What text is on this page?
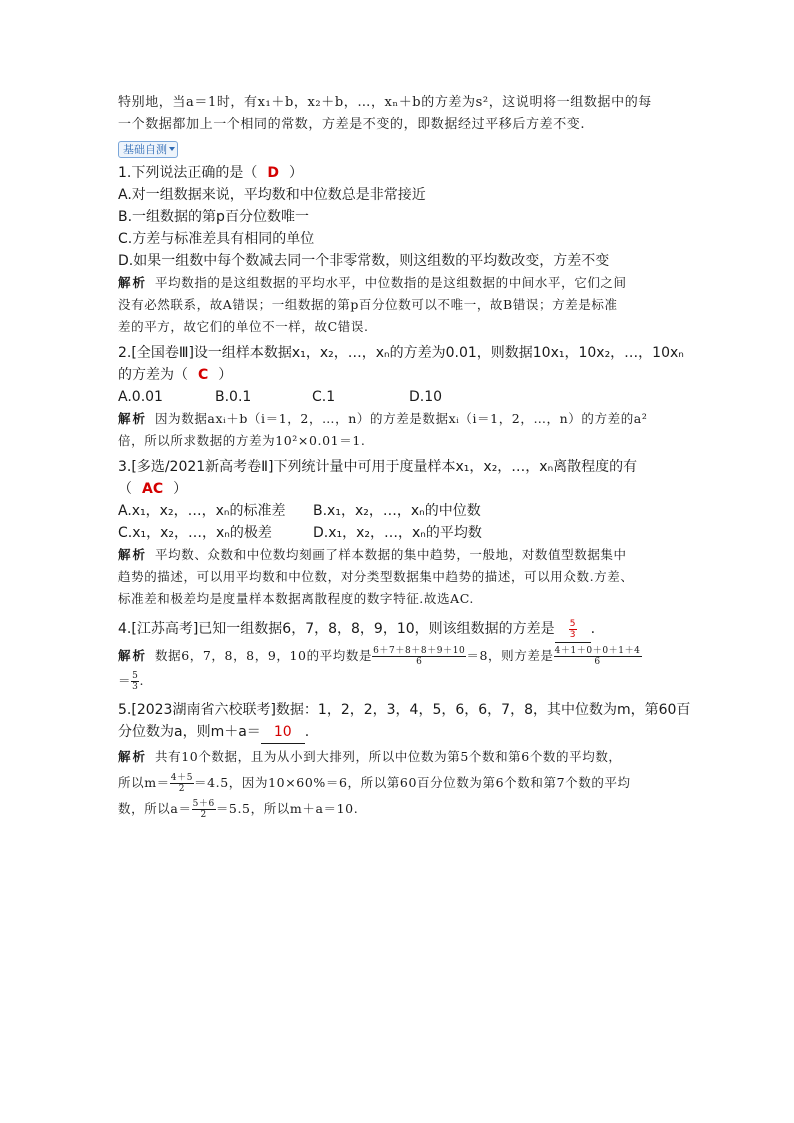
特别地，当a＝1时，有x₁＋b，x₂＋b，…，xₙ＋b的方差为s²，这说明将一组数据中的每
一个数据都加上一个相同的常数，方差是不变的，即数据经过平移后方差不变.
基础自测
1.下列说法正确的是（ D ）
A.对一组数据来说，平均数和中位数总是非常接近
B.一组数据的第p百分位数唯一
C.方差与标准差具有相同的单位
D.如果一组数中每个数减去同一个非零常数，则这组数的平均数改变，方差不变
解析 平均数指的是这组数据的平均水平，中位数指的是这组数据的中间水平，它们之间
没有必然联系，故A错误；一组数据的第p百分位数可以不唯一，故B错误；方差是标准
差的平方，故它们的单位不一样，故C错误.
2.[全国卷Ⅲ]设一组样本数据x₁，x₂，…，xₙ的方差为0.01，则数据10x₁，10x₂，…，10xₙ
的方差为（ C ）
A.0.01	B.0.1	C.1	D.10
解析 因为数据axᵢ＋b（i＝1，2，…，n）的方差是数据xᵢ（i＝1，2，…，n）的方差的a²
倍，所以所求数据的方差为10²×0.01＝1.
3.[多选/2021新高考卷Ⅱ]下列统计量中可用于度量样本x₁，x₂，…，xₙ离散程度的有
（ AC ）
A.x₁，x₂，…，xₙ的标准差 B.x₁，x₂，…，xₙ的中位数
C.x₁，x₂，…，xₙ的极差	D.x₁，x₂，…，xₙ的平均数
解析 平均数、众数和中位数均刻画了样本数据的集中趋势，一般地，对数值型数据集中
趋势的描述，可以用平均数和中位数，对分类型数据集中趋势的描述，可以用众数.方差、
标准差和极差均是度量样本数据离散程度的数字特征.故选AC.
4.[江苏高考]已知一组数据6，7，8，8，9，10，则该组数据的方差是 $\frac{5}{3}$ .
解析 数据6，7，8，8，9，10的平均数是 $\frac{6+7+8+8+9+10}{6} =8$，则方差是 $\frac{4+1+0+0+1+4}{6}$
＝ $\frac{5}{3}$ .
5.[2023湖南省六校联考]数据：1，2，2，3，4，5，6，6，7，8，其中位数为m，第60百
分位数为a，则m＋a＝ 10 .
解析 共有10个数据，且为从小到大排列，所以中位数为第5个数和第6个数的平均数，
所以$m= \frac{4+5}{2} =4.5$，因为10×60%＝6，所以第60百分位数为第6个数和第7个数的平均
数，所以$a= \frac{5+6}{2} =5.5$，所以m＋a＝10.
